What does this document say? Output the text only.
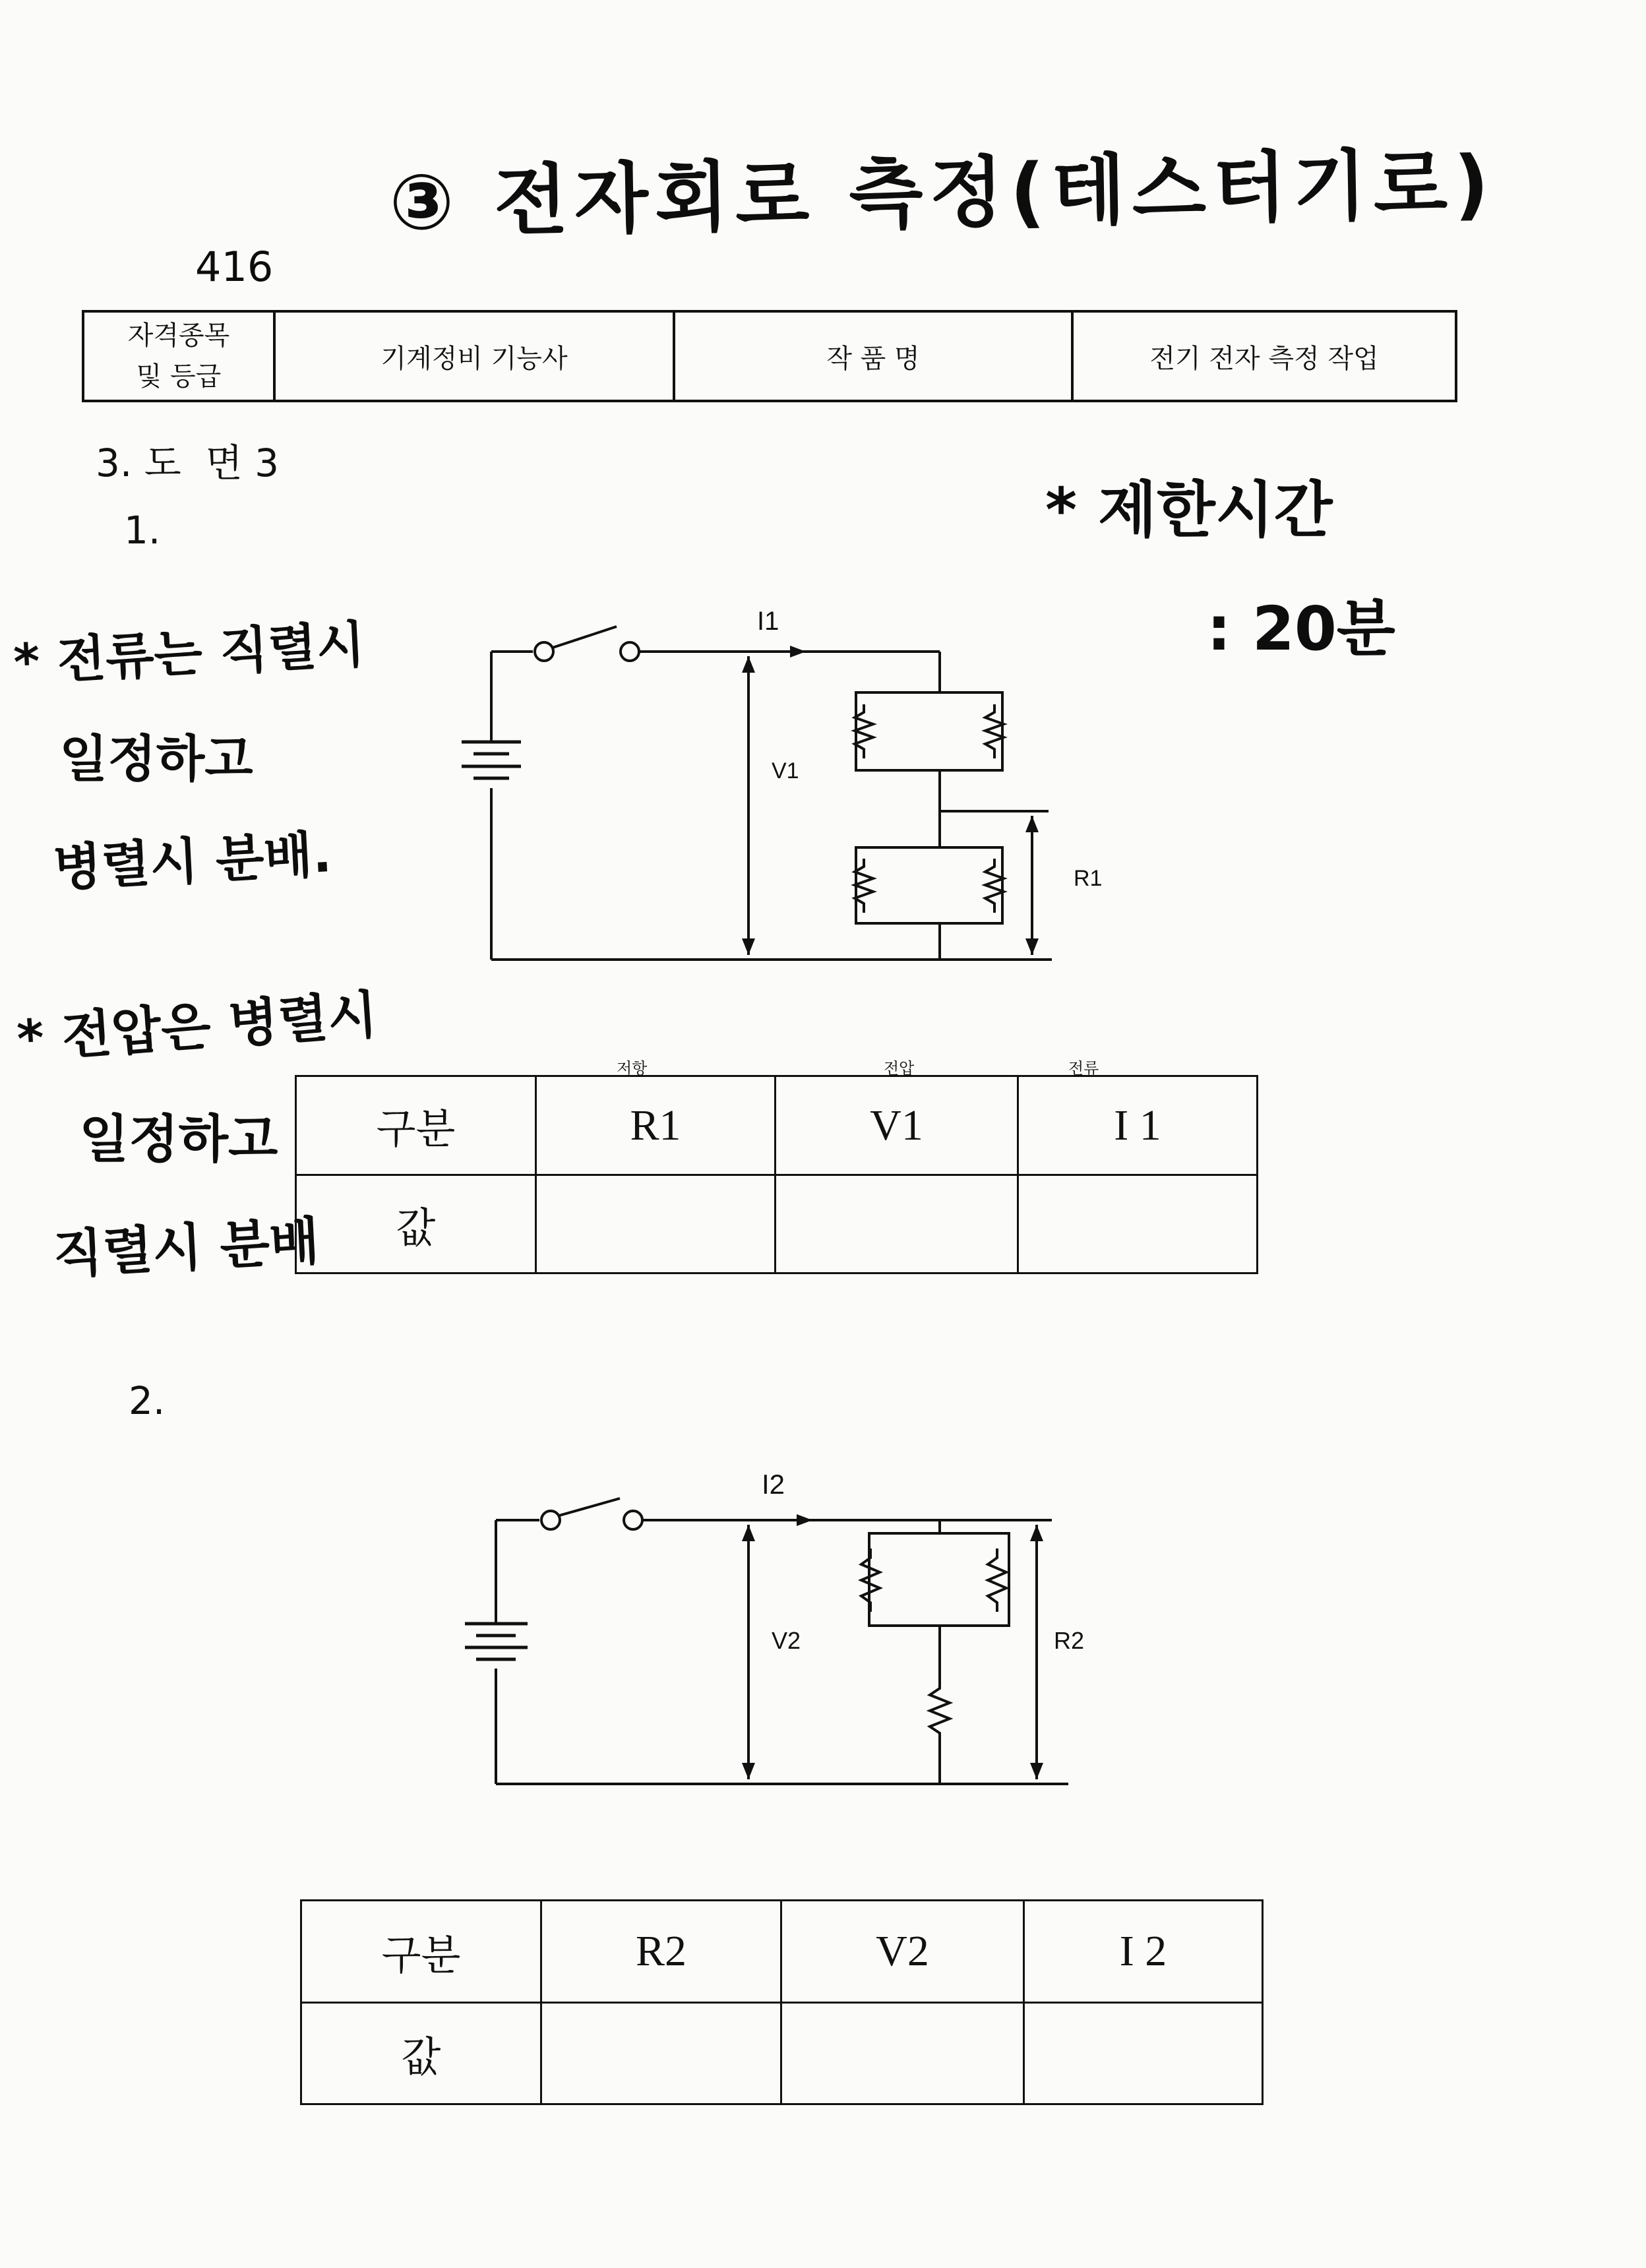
③ 전자회로 측정(테스터기로)
416
자격종목
및 등급	기계정비 기능사	작 품 명	전기 전자 측정 작업
3. 도  면 3
* 제한시간
: 20분
1.
* 전류는 직렬시
일정하고
병렬시 분배.
* 전압은 병렬시
일정하고
직렬시 분배
I1
V1
R1
저항	전압	전류
구분	R1	V1	I 1
값			
2.
I2
V2	R2
구분	R2	V2	I 2
값			
